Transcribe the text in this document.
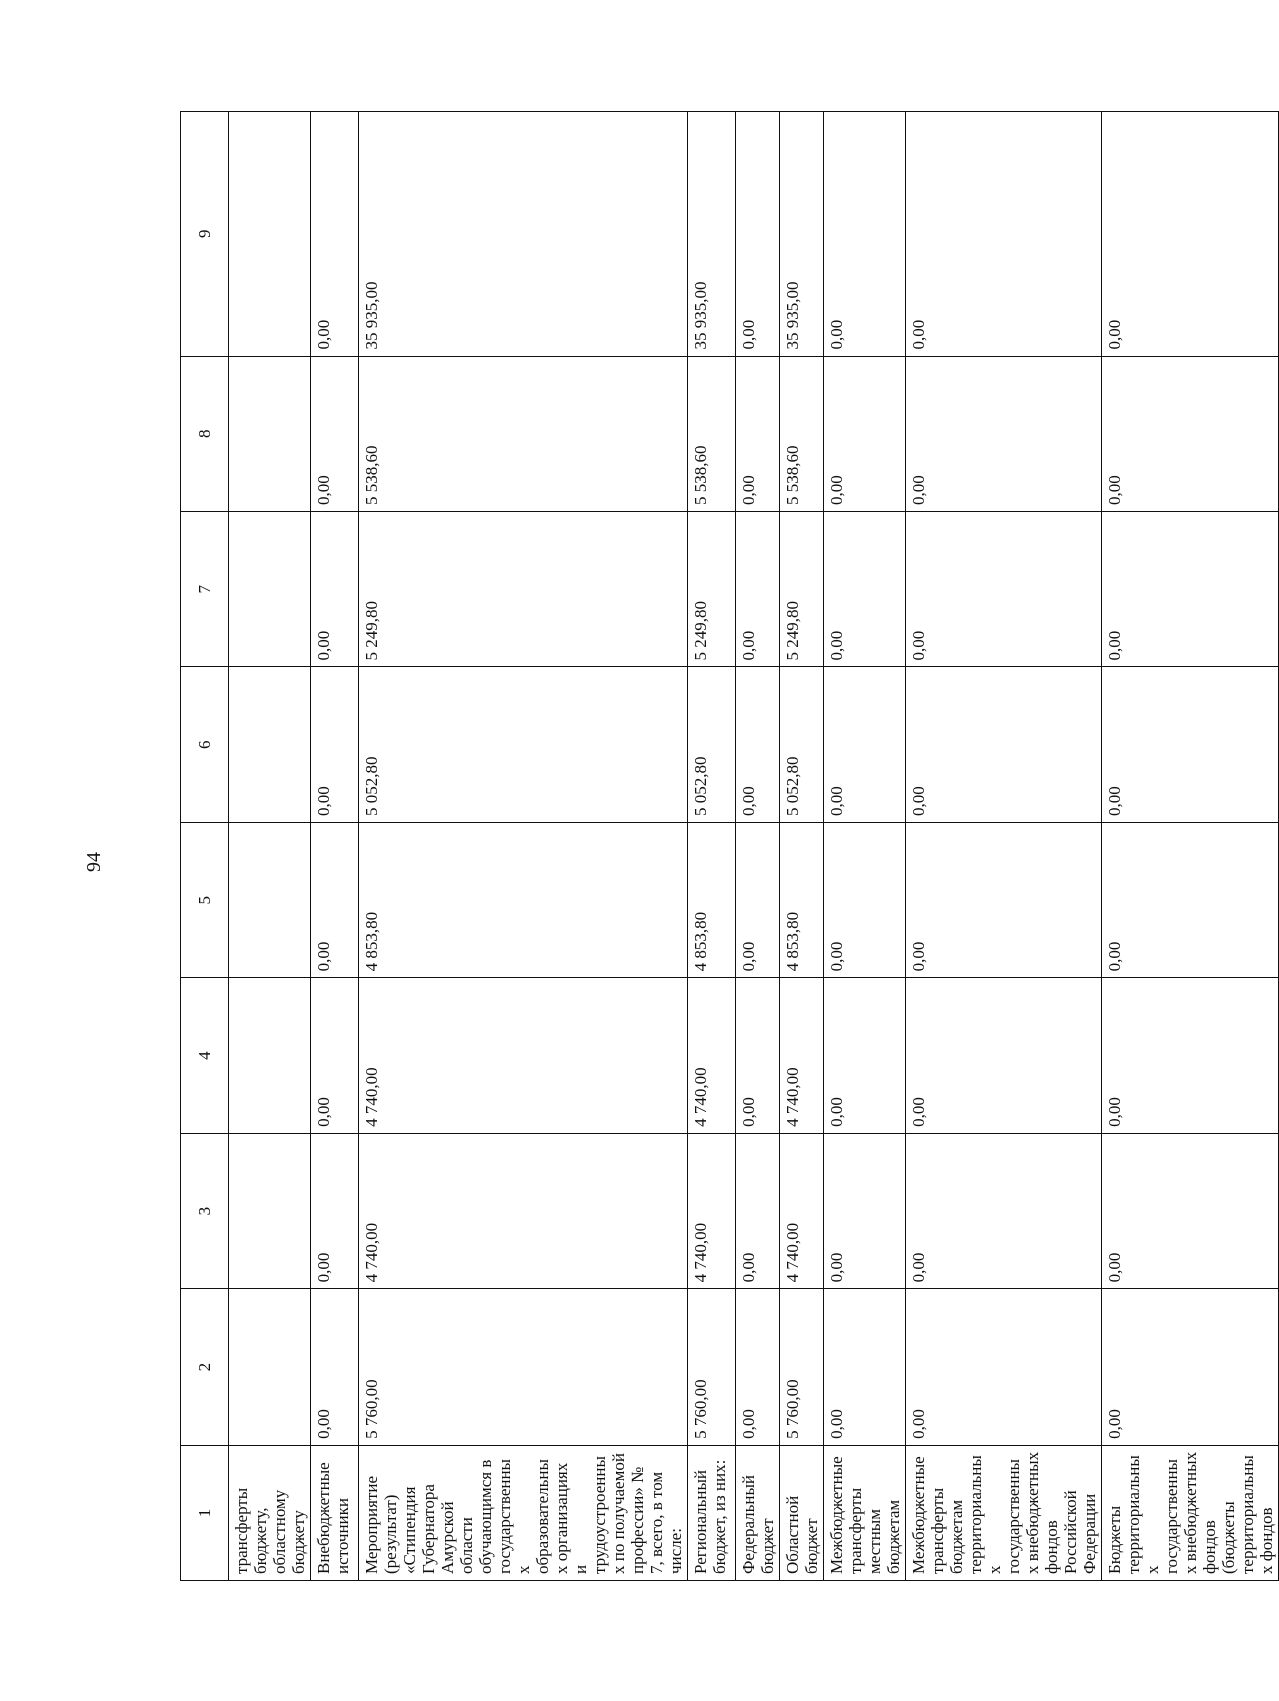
94
1	2	3	4	5	6	7	8	9
трансферты бюджету, областному бюджету								
Внебюджетные источники	0,00	0,00	0,00	0,00	0,00	0,00	0,00	0,00
Мероприятие (результат) «Стипендия Губернатора Амурской области обучающимся в государственных образовательных организациях и трудоустроенных по получаемой профессии» № 7, всего, в том числе:	5 760,00	4 740,00	4 740,00	4 853,80	5 052,80	5 249,80	5 538,60	35 935,00
Региональный бюджет, из них:	5 760,00	4 740,00	4 740,00	4 853,80	5 052,80	5 249,80	5 538,60	35 935,00
Федеральный бюджет	0,00	0,00	0,00	0,00	0,00	0,00	0,00	0,00
Областной бюджет	5 760,00	4 740,00	4 740,00	4 853,80	5 052,80	5 249,80	5 538,60	35 935,00
Межбюджетные трансферты местным бюджетам	0,00	0,00	0,00	0,00	0,00	0,00	0,00	0,00
Межбюджетные трансферты бюджетам территориальных государственных внебюджетных фондов Российской Федерации	0,00	0,00	0,00	0,00	0,00	0,00	0,00	0,00
Бюджеты территориальных государственных внебюджетных фондов (бюджеты территориальных фондов	0,00	0,00	0,00	0,00	0,00	0,00	0,00	0,00
